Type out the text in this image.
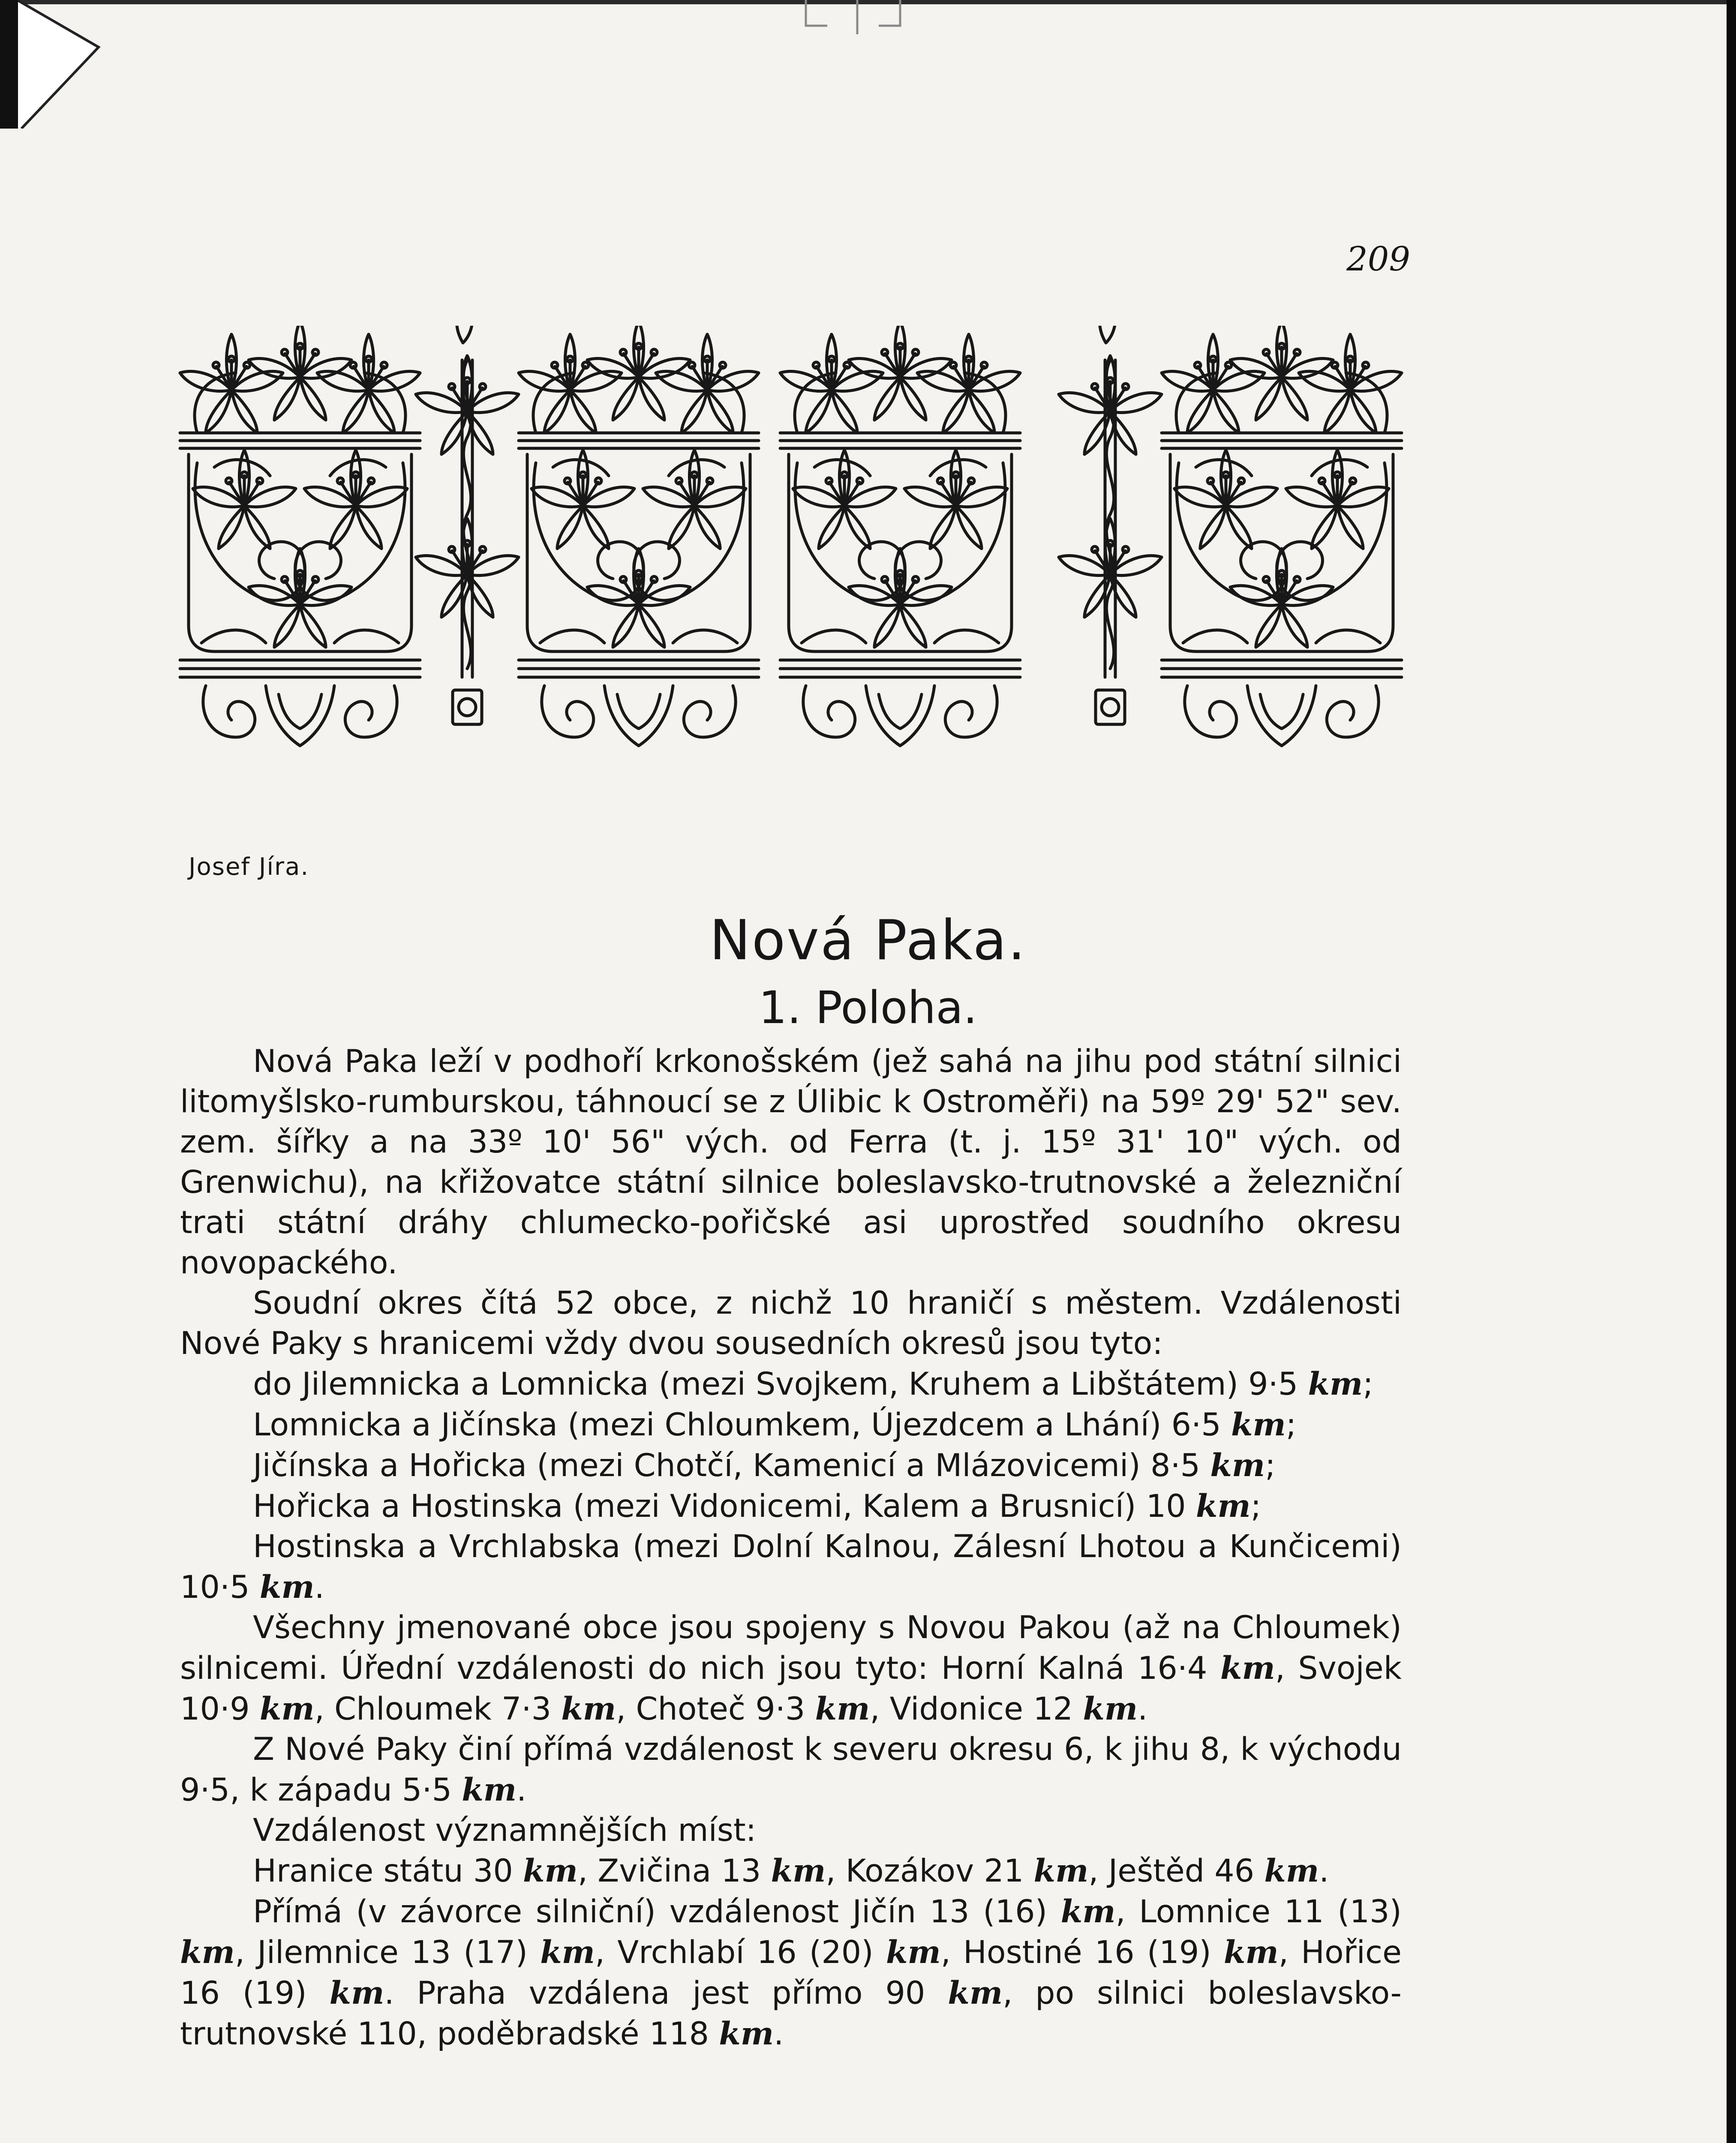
209
Josef Jíra.
Nová Paka.
1. Poloha.

Nová Paka leží v podhoří krkonošském (jež sahá na jihu pod státní silnici litomyšlsko-rumburskou, táhnoucí se z Úlibic k Ostroměři) na 59º 29' 52" sev. zem. šířky a na 33º 10' 56" vých. od Ferra (t. j. 15º 31' 10" vých. od Grenwichu), na křižovatce státní silnice boleslavsko-trutnovské a železniční trati státní dráhy chlumecko-pořičské asi uprostřed soudního okresu novopackého.

Soudní okres čítá 52 obce, z nichž 10 hraničí s městem. Vzdálenosti Nové Paky s hranicemi vždy dvou sousedních okresů jsou tyto:

do Jilemnicka a Lomnicka (mezi Svojkem, Kruhem a Libštátem) 9·5 km;

Lomnicka a Jičínska (mezi Chloumkem, Újezdcem a Lhání) 6·5 km;

Jičínska a Hořicka (mezi Chotčí, Kamenicí a Mlázovicemi) 8·5 km;

Hořicka a Hostinska (mezi Vidonicemi, Kalem a Brusnicí) 10 km;

Hostinska a Vrchlabska (mezi Dolní Kalnou, Zálesní Lhotou a Kunčicemi) 10·5 km.

Všechny jmenované obce jsou spojeny s Novou Pakou (až na Chloumek) silnicemi. Úřední vzdálenosti do nich jsou tyto: Horní Kalná 16·4 km, Svojek 10·9 km, Chloumek 7·3 km, Choteč 9·3 km, Vidonice 12 km.

Z Nové Paky činí přímá vzdálenost k severu okresu 6, k jihu 8, k východu 9·5, k západu 5·5 km.

Vzdálenost významnějších míst:

Hranice státu 30 km, Zvičina 13 km, Kozákov 21 km, Ještěd 46 km.

Přímá (v závorce silniční) vzdálenost Jičín 13 (16) km, Lomnice 11 (13) km, Jilemnice 13 (17) km, Vrchlabí 16 (20) km, Hostiné 16 (19) km, Hořice 16 (19) km. Praha vzdálena jest přímo 90 km, po silnici boleslavsko-trutnovské 110, poděbradské 118 km.
